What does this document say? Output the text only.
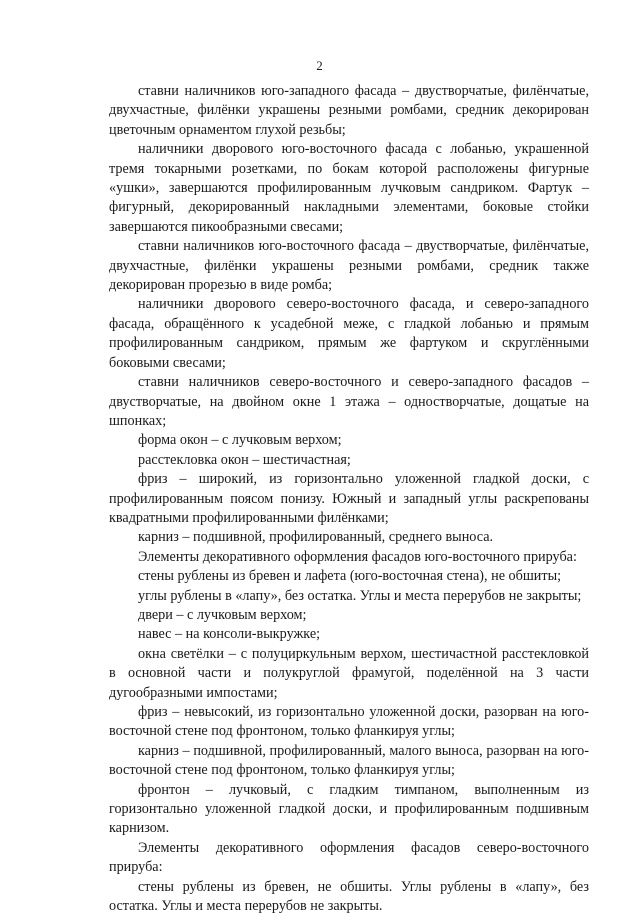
2

ставни наличников юго-западного фасада – двустворчатые, филёнчатые, двухчастные, филёнки украшены резными ромбами, средник декорирован цветочным орнаментом глухой резьбы;

наличники дворового юго-восточного фасада с лобанью, украшенной тремя токарными розетками, по бокам которой расположены фигурные «ушки», завершаются профилированным лучковым сандриком. Фартук – фигурный, декорированный накладными элементами, боковые стойки завершаются пикообразными свесами;

ставни наличников юго-восточного фасада – двустворчатые, филёнчатые, двухчастные, филёнки украшены резными ромбами, средник также декорирован прорезью в виде ромба;

наличники дворового северо-восточного фасада, и северо-западного фасада, обращённого к усадебной меже, с гладкой лобанью и прямым профилированным сандриком, прямым же фартуком и скруглёнными боковыми свесами;

ставни наличников северо-восточного и северо-западного фасадов – двустворчатые, на двойном окне 1 этажа – одностворчатые, дощатые на шпонках;

форма окон – с лучковым верхом;

расстекловка окон – шестичастная;

фриз – широкий, из горизонтально уложенной гладкой доски, с профилированным поясом понизу. Южный и западный углы раскрепованы квадратными профилированными филёнками;

карниз – подшивной, профилированный, среднего выноса.

Элементы декоративного оформления фасадов юго-восточного прируба:

стены рублены из бревен и лафета (юго-восточная стена), не обшиты;

углы рублены в «лапу», без остатка. Углы и места перерубов не закрыты;

двери – с лучковым верхом;

навес – на консоли-выкружке;

окна светёлки – с полуциркульным верхом, шестичастной расстекловкой в основной части и полукруглой фрамугой, поделённой на 3 части дугообразными импостами;

фриз – невысокий, из горизонтально уложенной доски, разорван на юго-восточной стене под фронтоном, только фланкируя углы;

карниз – подшивной, профилированный, малого выноса, разорван на юго-восточной стене под фронтоном, только фланкируя углы;

фронтон – лучковый, с гладким тимпаном, выполненным из горизонтально уложенной гладкой доски, и профилированным подшивным карнизом.

Элементы декоративного оформления фасадов северо-восточного прируба:

стены рублены из бревен, не обшиты. Углы рублены в «лапу», без остатка. Углы и места перерубов не закрыты.
